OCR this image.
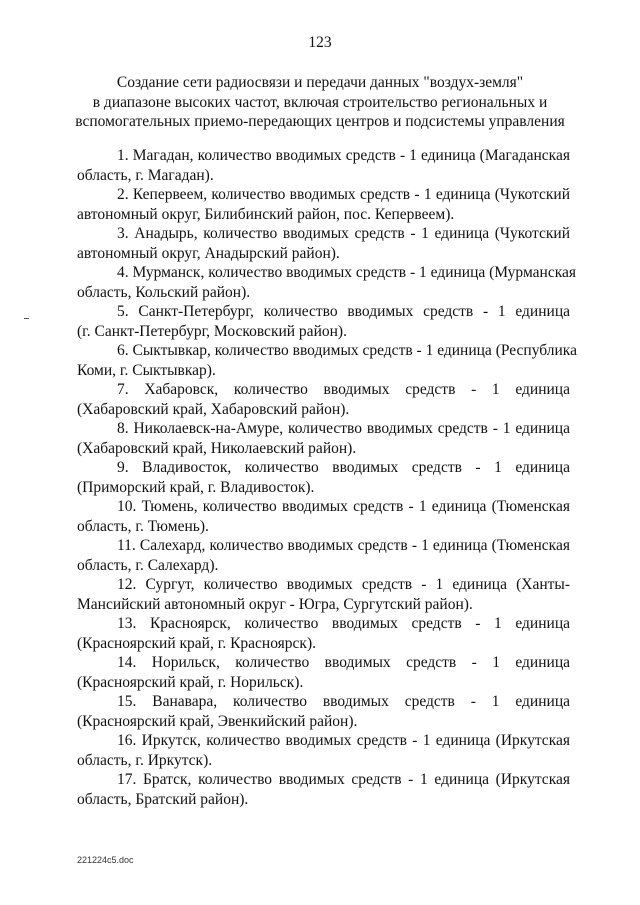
123
Создание сети радиосвязи и передачи данных "воздух-земля"
в диапазоне высоких частот, включая строительство региональных и
вспомогательных приемо-передающих центров и подсистемы управления
1. Магадан, количество вводимых средств - 1 единица (Магаданская
область, г. Магадан).
2. Кепервеем, количество вводимых средств - 1 единица (Чукотский
автономный округ, Билибинский район, пос. Кепервеем).
3. Анадырь, количество вводимых средств - 1 единица (Чукотский
автономный округ, Анадырский район).
4. Мурманск, количество вводимых средств - 1 единица (Мурманская
область, Кольский район).
5. Санкт-Петербург, количество вводимых средств - 1 единица
(г. Санкт-Петербург, Московский район).
6. Сыктывкар, количество вводимых средств - 1 единица (Республика
Коми, г. Сыктывкар).
7. Хабаровск, количество вводимых средств - 1 единица
(Хабаровский край, Хабаровский район).
8. Николаевск-на-Амуре, количество вводимых средств - 1 единица
(Хабаровский край, Николаевский район).
9. Владивосток, количество вводимых средств - 1 единица
(Приморский край, г. Владивосток).
10. Тюмень, количество вводимых средств - 1 единица (Тюменская
область, г. Тюмень).
11. Салехард, количество вводимых средств - 1 единица (Тюменская
область, г. Салехард).
12. Сургут, количество вводимых средств - 1 единица (Ханты-
Мансийский автономный округ - Югра, Сургутский район).
13. Красноярск, количество вводимых средств - 1 единица
(Красноярский край, г. Красноярск).
14. Норильск, количество вводимых средств - 1 единица
(Красноярский край, г. Норильск).
15. Ванавара, количество вводимых средств - 1 единица
(Красноярский край, Эвенкийский район).
16. Иркутск, количество вводимых средств - 1 единица (Иркутская
область, г. Иркутск).
17. Братск, количество вводимых средств - 1 единица (Иркутская
область, Братский район).
221224c5.doc
